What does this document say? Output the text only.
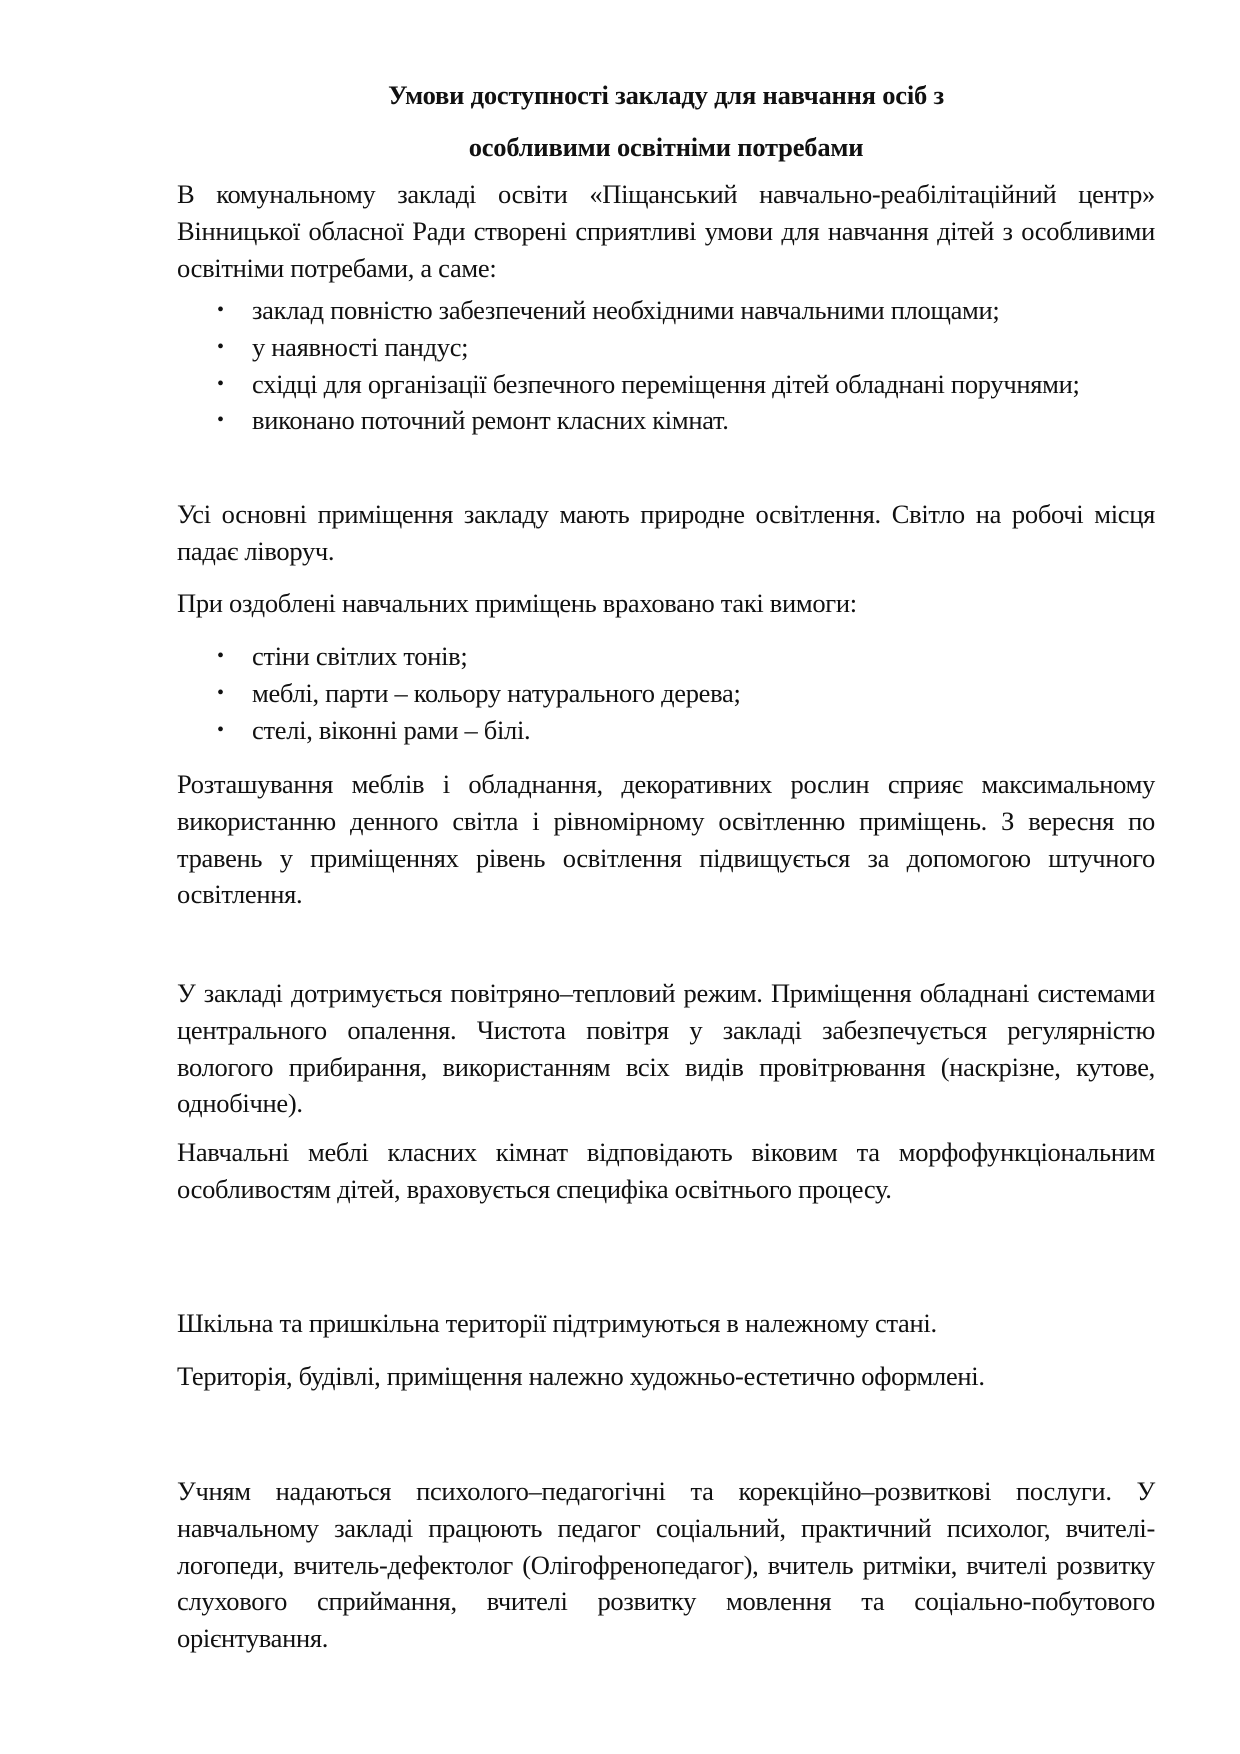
Умови доступності закладу для навчання осіб з
особливими освітніми потребами
В комунальному закладі освіти «Піщанський навчально-реабілітаційний центр» Вінницької обласної Ради створені сприятливі умови для навчання дітей з особливими освітніми потребами, а саме:
• заклад повністю забезпечений необхідними навчальними площами;
• у наявності пандус;
• східці для організації безпечного переміщення дітей обладнані поручнями;
• виконано поточний ремонт класних кімнат.
Усі основні приміщення закладу мають природне освітлення. Світло на робочі місця падає ліворуч.
При оздоблені навчальних приміщень враховано такі вимоги:
• стіни світлих тонів;
• меблі, парти – кольору натурального дерева;
• стелі, віконні рами – білі.
Розташування меблів і обладнання, декоративних рослин сприяє максимальному використанню денного світла і рівномірному освітленню приміщень. З вересня по травень у приміщеннях рівень освітлення підвищується за допомогою штучного освітлення.
У закладі дотримується повітряно–тепловий режим. Приміщення обладнані системами центрального опалення. Чистота повітря у закладі забезпечується регулярністю вологого прибирання, використанням всіх видів провітрювання (наскрізне, кутове, однобічне).
Навчальні меблі класних кімнат відповідають віковим та морфофункціональним особливостям дітей, враховується специфіка освітнього процесу.
Шкільна та пришкільна території підтримуються в належному стані.
Територія, будівлі, приміщення належно художньо-естетично оформлені.
Учням надаються психолого–педагогічні та корекційно–розвиткові послуги. У навчальному закладі працюють педагог соціальний, практичний психолог, вчителі-логопеди, вчитель-дефектолог (Олігофренопедагог), вчитель ритміки, вчителі розвитку слухового сприймання, вчителі розвитку мовлення та соціально-побутового орієнтування.
